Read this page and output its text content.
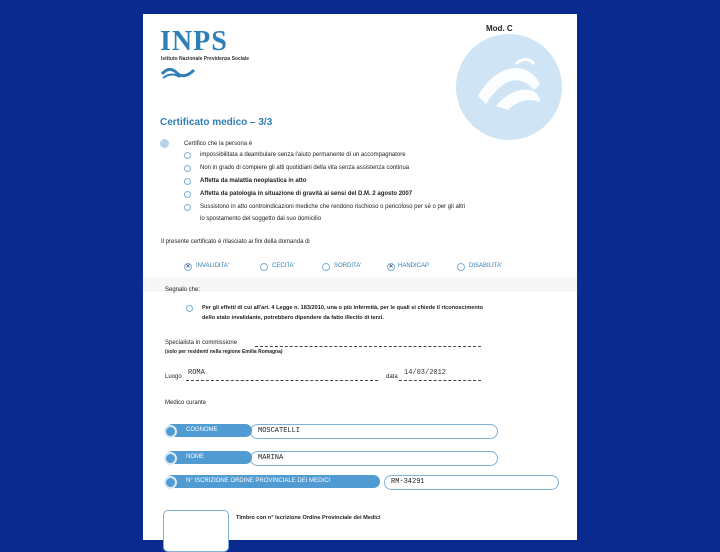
INPS
Istituto Nazionale Previdenza Sociale
Mod. C
Certificato medico – 3/3
Certifico che la persona è
impossibilitata a deambulare senza l'aiuto permanente di un accompagnatore
Non in grado di compiere gli atti quotidiani della vita senza assistenza continua
Affetta da malattia neoplastica in atto
Affetta da patologia in situazione di gravità ai sensi del D.M. 2 agosto 2007
Sussistono in atto controindicazioni mediche che rendono rischioso o pericoloso per sé o per gli altri
lo spostamento del soggetto dal suo domicilio
Il presente certificato è rilasciato ai fini della domanda di
✕ INVALIDITA'	CECITA'	SORDITA'	✕ HANDICAP	DISABILITA'
Segnalo che:
Per gli effetti di cui all'art. 4 Legge n. 183/2010, una o più infermità, per le quali si chiede il riconoscimento
dello stato invalidante, potrebbero dipendere da fatto illecito di terzi.
Specialista in commissione
(solo per residenti nella regione Emilia Romagna)
Luogo ROMA	data 14/03/2012
Medico curante
COGNOME	MOSCATELLI
NOME	MARINA
N° ISCRIZIONE ORDINE PROVINCIALE DEI MEDICI	RM-34291
Timbro con n° Iscrizione Ordine Provinciale dei Medici
